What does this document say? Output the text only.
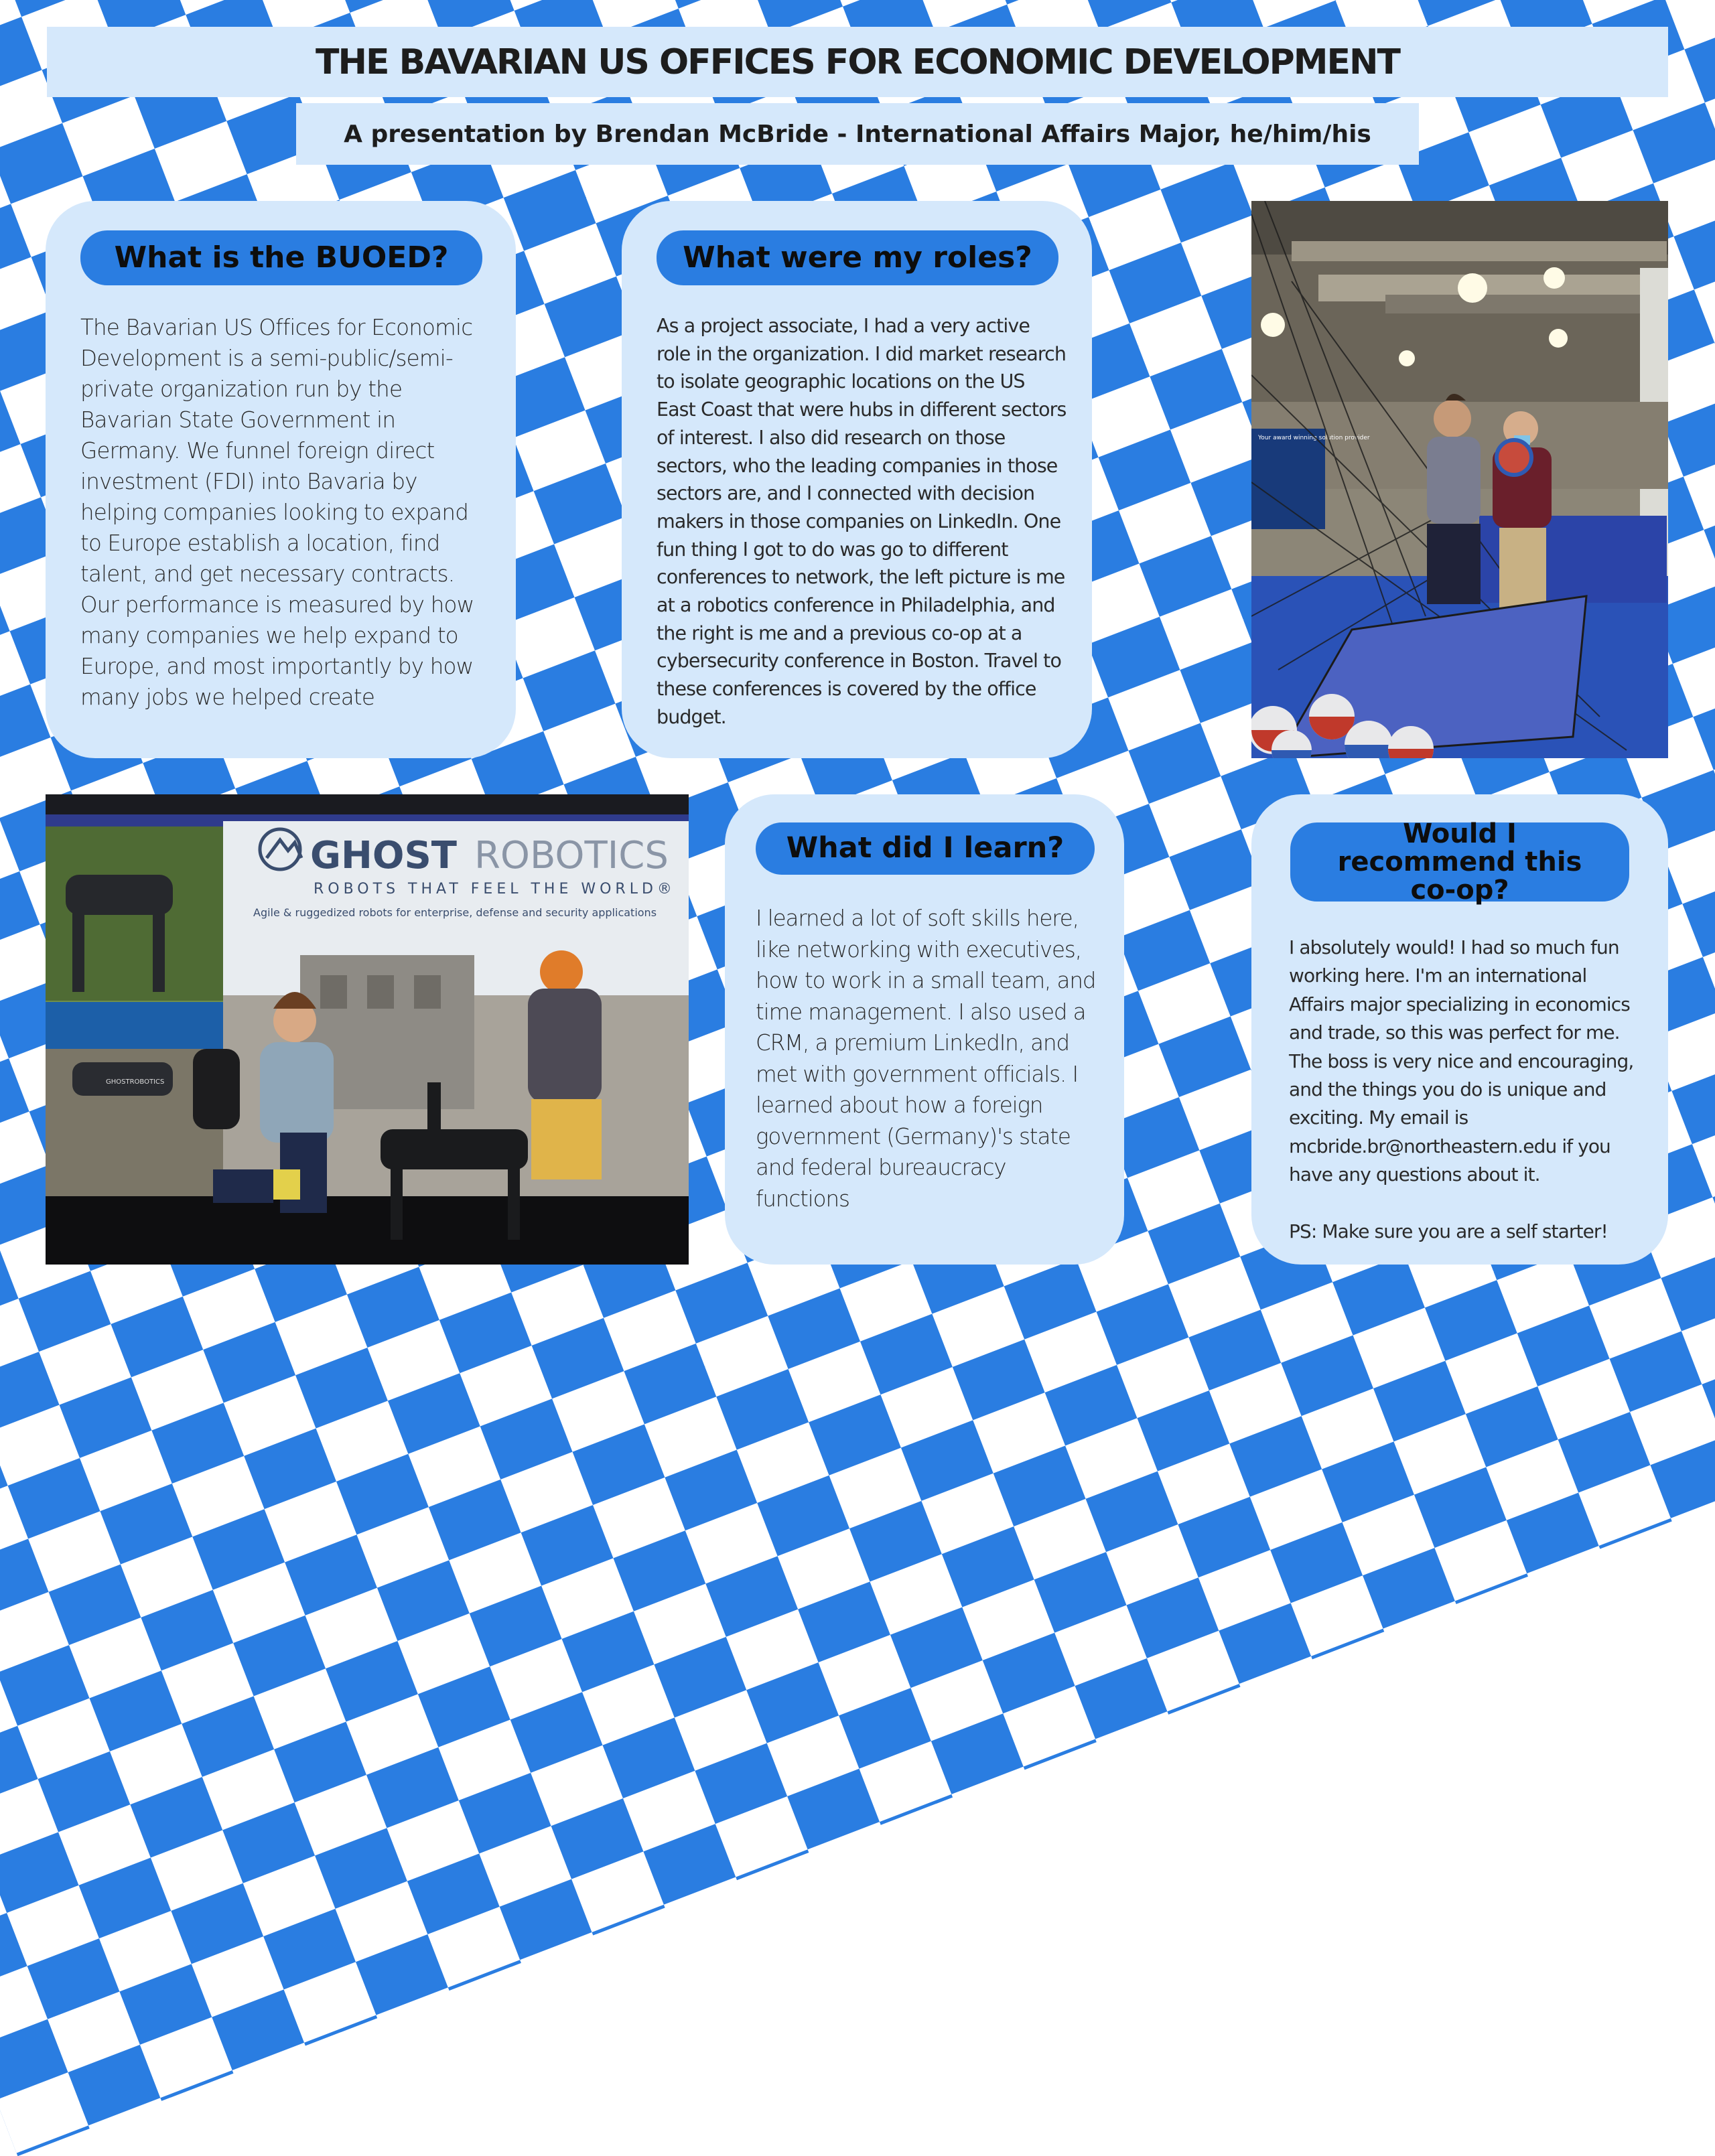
THE BAVARIAN US OFFICES FOR ECONOMIC DEVELOPMENT

A presentation by Brendan McBride - International Affairs Major, he/him/his

What is the BUOED?

The Bavarian US Offices for Economic Development is a semi-public/semi-private organization run by the Bavarian State Government in Germany. We funnel foreign direct investment (FDI) into Bavaria by helping companies looking to expand to Europe establish a location, find talent, and get necessary contracts. Our performance is measured by how many companies we help expand to Europe, and most importantly by how many jobs we helped create

What were my roles?

As a project associate, I had a very active role in the organization. I did market research to isolate geographic locations on the US East Coast that were hubs in different sectors of interest. I also did research on those sectors, who the leading companies in those sectors are, and I connected with decision makers in those companies on LinkedIn. One fun thing I got to do was go to different conferences to network, the left picture is me at a robotics conference in Philadelphia, and the right is me and a previous co-op at a cybersecurity conference in Boston. Travel to these conferences is covered by the office budget.

Your award winning solution provider
GHOSTROBOTICS
GHOST ROBOTICS
ROBOTS THAT FEEL THE WORLD®
Agile & ruggedized robots for enterprise, defense and security applications
What did I learn?

I learned a lot of soft skills here, like networking with executives, how to work in a small team, and time management. I also used a CRM, a premium LinkedIn, and met with government officials. I learned about how a foreign government (Germany)'s state and federal bureaucracy functions

Would I recommend this co-op?

I absolutely would! I had so much fun working here. I'm an international Affairs major specializing in economics and trade, so this was perfect for me. The boss is very nice and encouraging, and the things you do is unique and exciting. My email is mcbride.br@northeastern.edu if you have any questions about it.

PS: Make sure you are a self starter!
